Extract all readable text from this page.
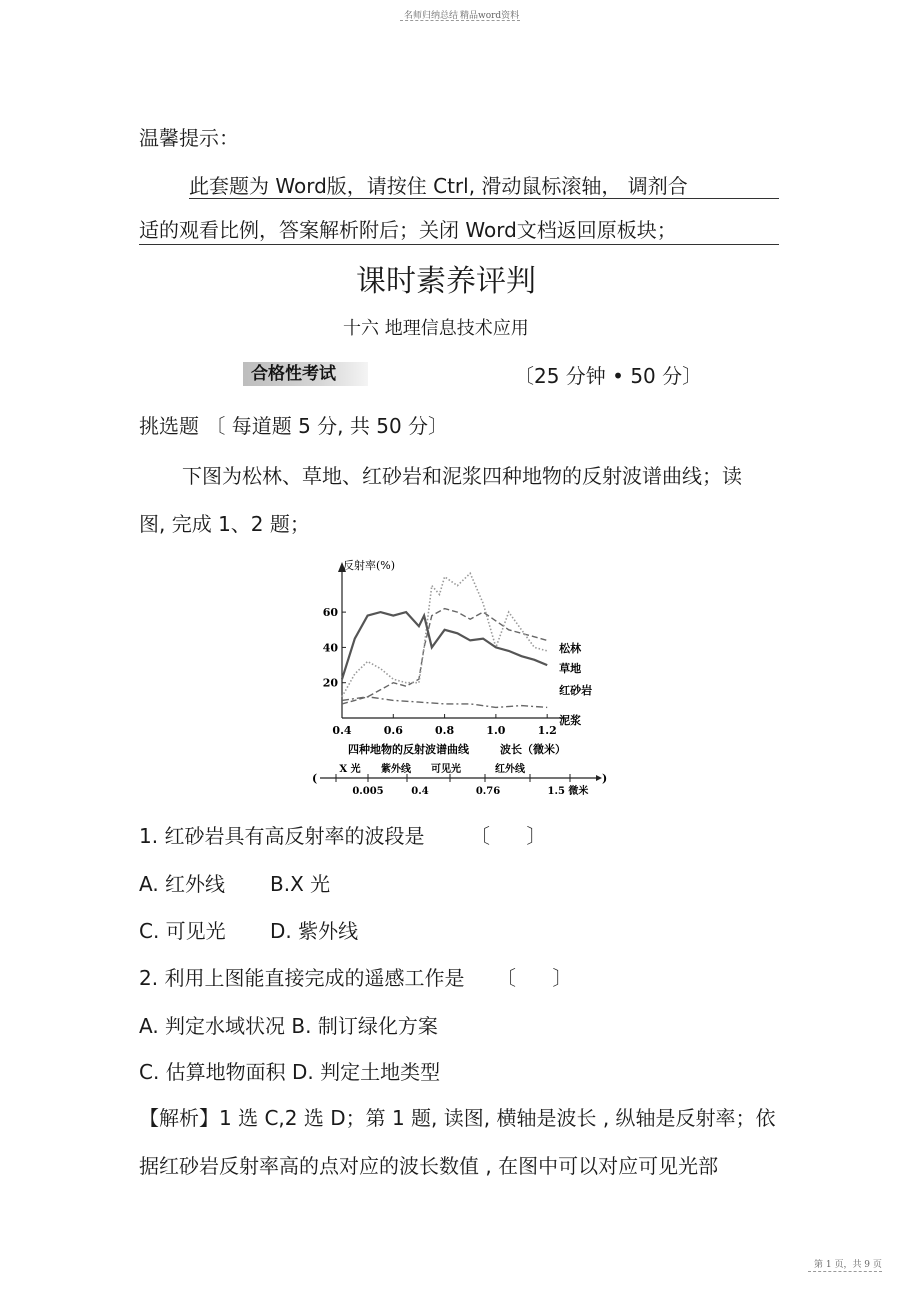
名师归纳总结 精品word资料
温馨提示：
此套题为 Word版，请按住 Ctrl, 滑动鼠标滚轴， 调剂合
适的观看比例，答案解析附后；关闭 Word文档返回原板块；
课时素养评判
十六 地理信息技术应用
合格性考试	〔25 分钟 • 50 分〕
挑选题 〔 每道题 5 分, 共 50 分〕
下图为松林、草地、红砂岩和泥浆四种地物的反射波谱曲线；读
图, 完成 1、2 题；
0.4	0.6	0.8	1.0	1.2
20
40
60
松林
草地
红砂岩
泥浆
反射率(%)
四种地物的反射波谱曲线	波长（微米）
(	)
X 光 紫外线 可见光	红外线
0.005	0.4	0.76	1.5 微米
1. 红砂岩具有高反射率的波段是 〔 〕
A. 红外线 B.X 光
C. 可见光 D. 紫外线
2. 利用上图能直接完成的遥感工作是 〔 〕
A. 判定水域状况 B. 制订绿化方案
C. 估算地物面积 D. 判定土地类型
【解析】1 选 C,2 选 D；第 1 题, 读图, 横轴是波长 , 纵轴是反射率；依
据红砂岩反射率高的点对应的波长数值 , 在图中可以对应可见光部
第 1 页，共 9 页
